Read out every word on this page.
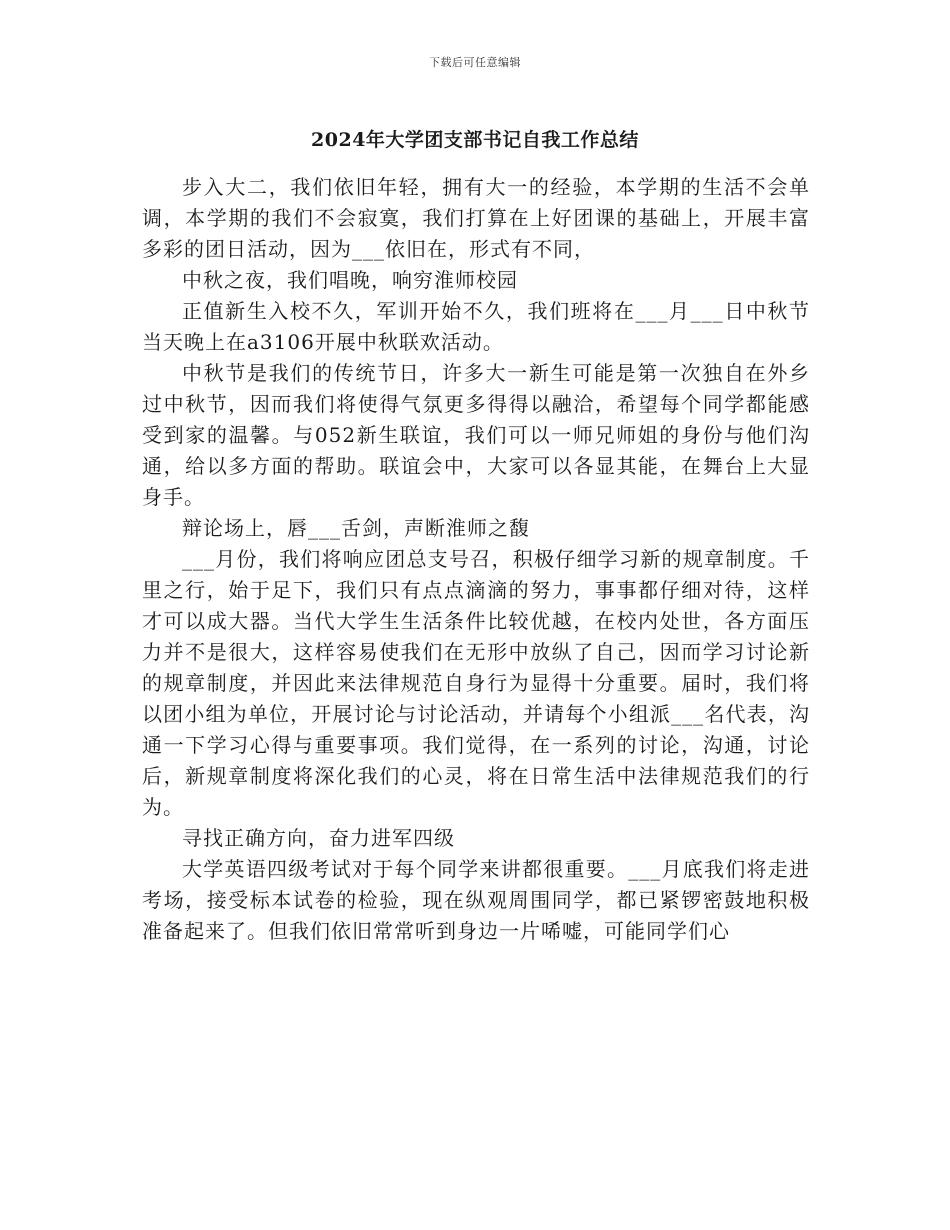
下载后可任意编辑
2024年大学团支部书记自我工作总结

步入大二，我们依旧年轻，拥有大一的经验，本学期的生活不会单调，本学期的我们不会寂寞，我们打算在上好团课的基础上，开展丰富多彩的团日活动，因为___依旧在，形式有不同，

中秋之夜，我们唱晚，响穷淮师校园

正值新生入校不久，军训开始不久，我们班将在___月___日中秋节当天晚上在a3106开展中秋联欢活动。

中秋节是我们的传统节日，许多大一新生可能是第一次独自在外乡过中秋节，因而我们将使得气氛更多得得以融洽，希望每个同学都能感受到家的温馨。与052新生联谊，我们可以一师兄师姐的身份与他们沟通，给以多方面的帮助。联谊会中，大家可以各显其能，在舞台上大显身手。

辩论场上，唇___舌剑，声断淮师之馥

___月份，我们将响应团总支号召，积极仔细学习新的规章制度。千里之行，始于足下，我们只有点点滴滴的努力，事事都仔细对待，这样才可以成大器。当代大学生生活条件比较优越，在校内处世，各方面压力并不是很大，这样容易使我们在无形中放纵了自己，因而学习讨论新的规章制度，并因此来法律规范自身行为显得十分重要。届时，我们将以团小组为单位，开展讨论与讨论活动，并请每个小组派___名代表，沟通一下学习心得与重要事项。我们觉得，在一系列的讨论，沟通，讨论后，新规章制度将深化我们的心灵，将在日常生活中法律规范我们的行为。

寻找正确方向，奋力进军四级

大学英语四级考试对于每个同学来讲都很重要。___月底我们将走进考场，接受标本试卷的检验，现在纵观周围同学，都已紧锣密鼓地积极准备起来了。但我们依旧常常听到身边一片唏嘘，可能同学们心
